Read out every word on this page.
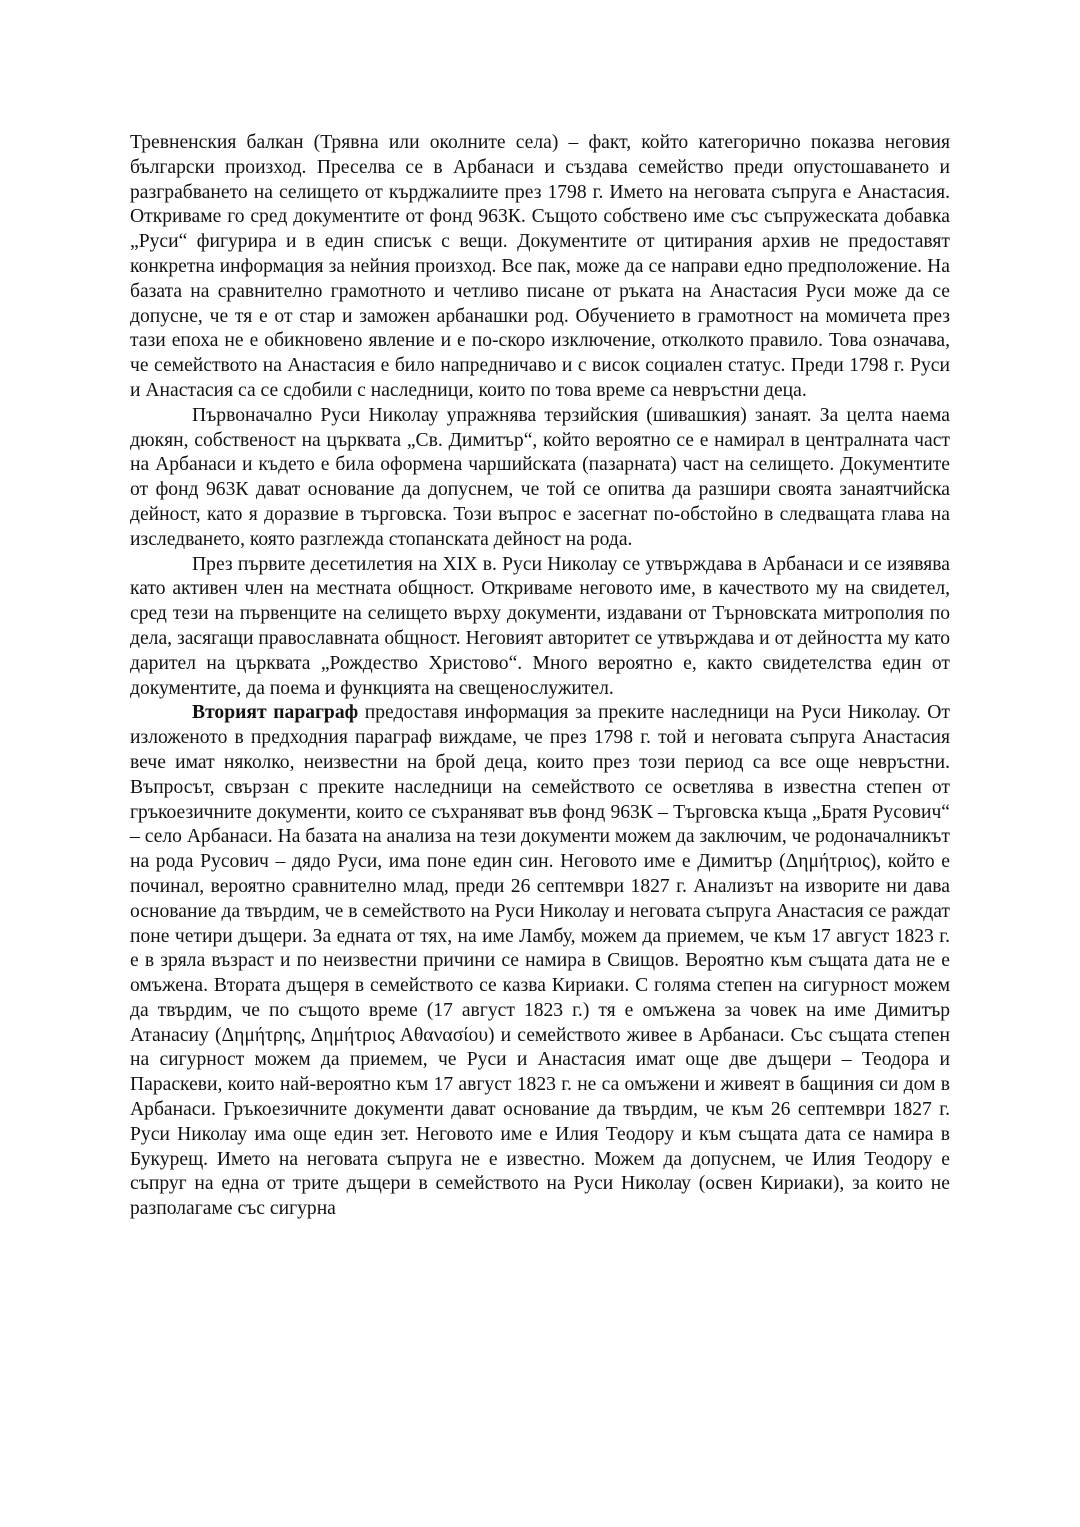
Тревненския балкан (Трявна или околните села) – факт, който категорично показва неговия български произход. Преселва се в Арбанаси и създава семейство преди опустошаването и разграбването на селището от кърджалиите през 1798 г. Името на неговата съпруга е Анастасия. Откриваме го сред документите от фонд 963К. Същото собствено име със съпружеската добавка „Руси“ фигурира и в един списък с вещи. Документите от цитирания архив не предоставят конкретна информация за нейния произход. Все пак, може да се направи едно предположение. На базата на сравнително грамотното и четливо писане от ръката на Анастасия Руси може да се допусне, че тя е от стар и заможен арбанашки род. Обучението в грамотност на момичета през тази епоха не е обикновено явление и е по-скоро изключение, отколкото правило. Това означава, че семейството на Анастасия е било напредничаво и с висок социален статус. Преди 1798 г. Руси и Анастасия са се сдобили с наследници, които по това време са невръстни деца.

Първоначално Руси Николау упражнява терзийския (шивашкия) занаят. За целта наема дюкян, собственост на църквата „Св. Димитър“, който вероятно се е намирал в централната част на Арбанаси и където е била оформена чаршийската (пазарната) част на селището. Документите от фонд 963К дават основание да допуснем, че той се опитва да разшири своята занаятчийска дейност, като я доразвие в търговска. Този въпрос е засегнат по-обстойно в следващата глава на изследването, която разглежда стопанската дейност на рода.

През първите десетилетия на XIX в. Руси Николау се утвърждава в Арбанаси и се изявява като активен член на местната общност. Откриваме неговото име, в качеството му на свидетел, сред тези на първенците на селището върху документи, издавани от Търновската митрополия по дела, засягащи православната общност. Неговият авторитет се утвърждава и от дейността му като дарител на църквата „Рождество Христово“. Много вероятно е, както свидетелства един от документите, да поема и функцията на свещенослужител.

Вторият параграф предоставя информация за преките наследници на Руси Николау. От изложеното в предходния параграф виждаме, че през 1798 г. той и неговата съпруга Анастасия вече имат няколко, неизвестни на брой деца, които през този период са все още невръстни. Въпросът, свързан с преките наследници на семейството се осветлява в известна степен от гръкоезичните документи, които се съхраняват във фонд 963К – Търговска къща „Братя Русович“ – село Арбанаси. На базата на анализа на тези документи можем да заключим, че родоначалникът на рода Русович – дядо Руси, има поне един син. Неговото име е Димитър (Δημήτριος), който е починал, вероятно сравнително млад, преди 26 септември 1827 г. Анализът на изворите ни дава основание да твърдим, че в семейството на Руси Николау и неговата съпруга Анастасия се раждат поне четири дъщери. За едната от тях, на име Ламбу, можем да приемем, че към 17 август 1823 г. е в зряла възраст и по неизвестни причини се намира в Свищов. Вероятно към същата дата не е омъжена. Втората дъщеря в семейството се казва Кириаки. С голяма степен на сигурност можем да твърдим, че по същото време (17 август 1823 г.) тя е омъжена за човек на име Димитър Атанасиу (Δημήτρης, Δημήτριος Αθανασίου) и семейството живее в Арбанаси. Със същата степен на сигурност можем да приемем, че Руси и Анастасия имат още две дъщери – Теодора и Параскеви, които най-вероятно към 17 август 1823 г. не са омъжени и живеят в бащиния си дом в Арбанаси. Гръкоезичните документи дават основание да твърдим, че към 26 септември 1827 г. Руси Николау има още един зет. Неговото име е Илия Теодору и към същата дата се намира в Букурещ. Името на неговата съпруга не е известно. Можем да допуснем, че Илия Теодору е съпруг на една от трите дъщери в семейството на Руси Николау (освен Кириаки), за които не разполагаме със сигурна
